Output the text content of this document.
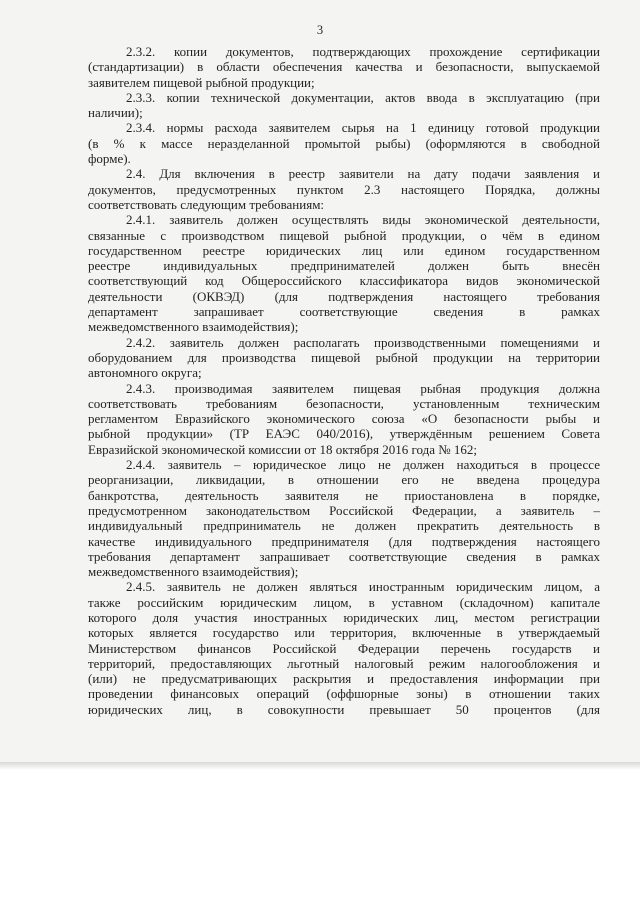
3
2.3.2. копии документов, подтверждающих прохождение сертификации
(стандартизации) в области обеспечения качества и безопасности, выпускаемой
заявителем пищевой рыбной продукции;
2.3.3. копии технической документации, актов ввода в эксплуатацию (при
наличии);
2.3.4. нормы расхода заявителем сырья на 1 единицу готовой продукции
(в % к массе неразделанной промытой рыбы) (оформляются в свободной
форме).
2.4. Для включения в реестр заявители на дату подачи заявления и
документов, предусмотренных пунктом 2.3 настоящего Порядка, должны
соответствовать следующим требованиям:
2.4.1. заявитель должен осуществлять виды экономической деятельности,
связанные с производством пищевой рыбной продукции, о чём в едином
государственном реестре юридических лиц или едином государственном
реестре индивидуальных предпринимателей должен быть внесён
соответствующий код Общероссийского классификатора видов экономической
деятельности (ОКВЭД) (для подтверждения настоящего требования
департамент запрашивает соответствующие сведения в рамках
межведомственного взаимодействия);
2.4.2. заявитель должен располагать производственными помещениями и
оборудованием для производства пищевой рыбной продукции на территории
автономного округа;
2.4.3. производимая заявителем пищевая рыбная продукция должна
соответствовать требованиям безопасности, установленным техническим
регламентом Евразийского экономического союза «О безопасности рыбы и
рыбной продукции» (ТР ЕАЭС 040/2016), утверждённым решением Совета
Евразийской экономической комиссии от 18 октября 2016 года № 162;
2.4.4. заявитель – юридическое лицо не должен находиться в процессе
реорганизации, ликвидации, в отношении его не введена процедура
банкротства, деятельность заявителя не приостановлена в порядке,
предусмотренном законодательством Российской Федерации, а заявитель –
индивидуальный предприниматель не должен прекратить деятельность в
качестве индивидуального предпринимателя (для подтверждения настоящего
требования департамент запрашивает соответствующие сведения в рамках
межведомственного взаимодействия);
2.4.5. заявитель не должен являться иностранным юридическим лицом, а
также российским юридическим лицом, в уставном (складочном) капитале
которого доля участия иностранных юридических лиц, местом регистрации
которых является государство или территория, включенные в утверждаемый
Министерством финансов Российской Федерации перечень государств и
территорий, предоставляющих льготный налоговый режим налогообложения и
(или) не предусматривающих раскрытия и предоставления информации при
проведении финансовых операций (оффшорные зоны) в отношении таких
юридических лиц, в совокупности превышает 50 процентов (для
